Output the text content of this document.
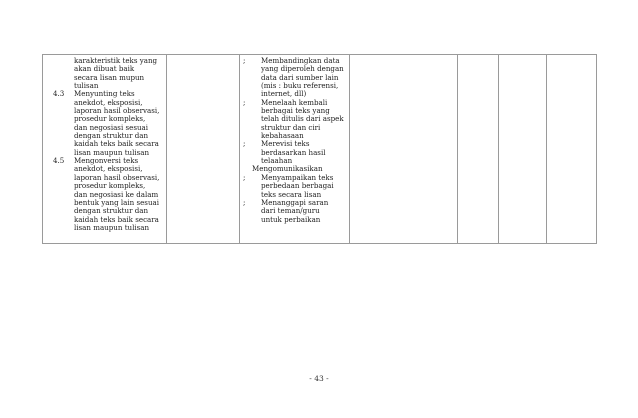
karakteristik teks yang
akan dibuat baik
secara lisan mupun
tulisan
Menyunting teks
anekdot, eksposisi,
laporan hasil observasi,
prosedur kompleks,
dan negosiasi sesuai
dengan struktur dan
kaidah teks baik secara
lisan maupun tulisan
Mengonversi teks
anekdot, eksposisi,
laporan hasil observasi,
prosedur kompleks,
dan negosiasi ke dalam
bentuk yang lain sesuai
dengan struktur dan
kaidah teks baik secara
lisan maupun tulisan
4.3
4.5
; Membandingkan data
yang diperoleh dengan
data dari sumber lain
(mis : buku referensi,
internet, dll)
; Menelaah kembali
berbagai teks yang
telah ditulis dari aspek
struktur dan ciri
kebahasaan
; Merevisi teks
berdasarkan hasil
telaahan
Mengomunikasikan
; Menyampaikan teks
perbedaan berbagai
teks secara lisan
; Menanggapi saran
dari teman/guru
untuk perbaikan
- 43 -
